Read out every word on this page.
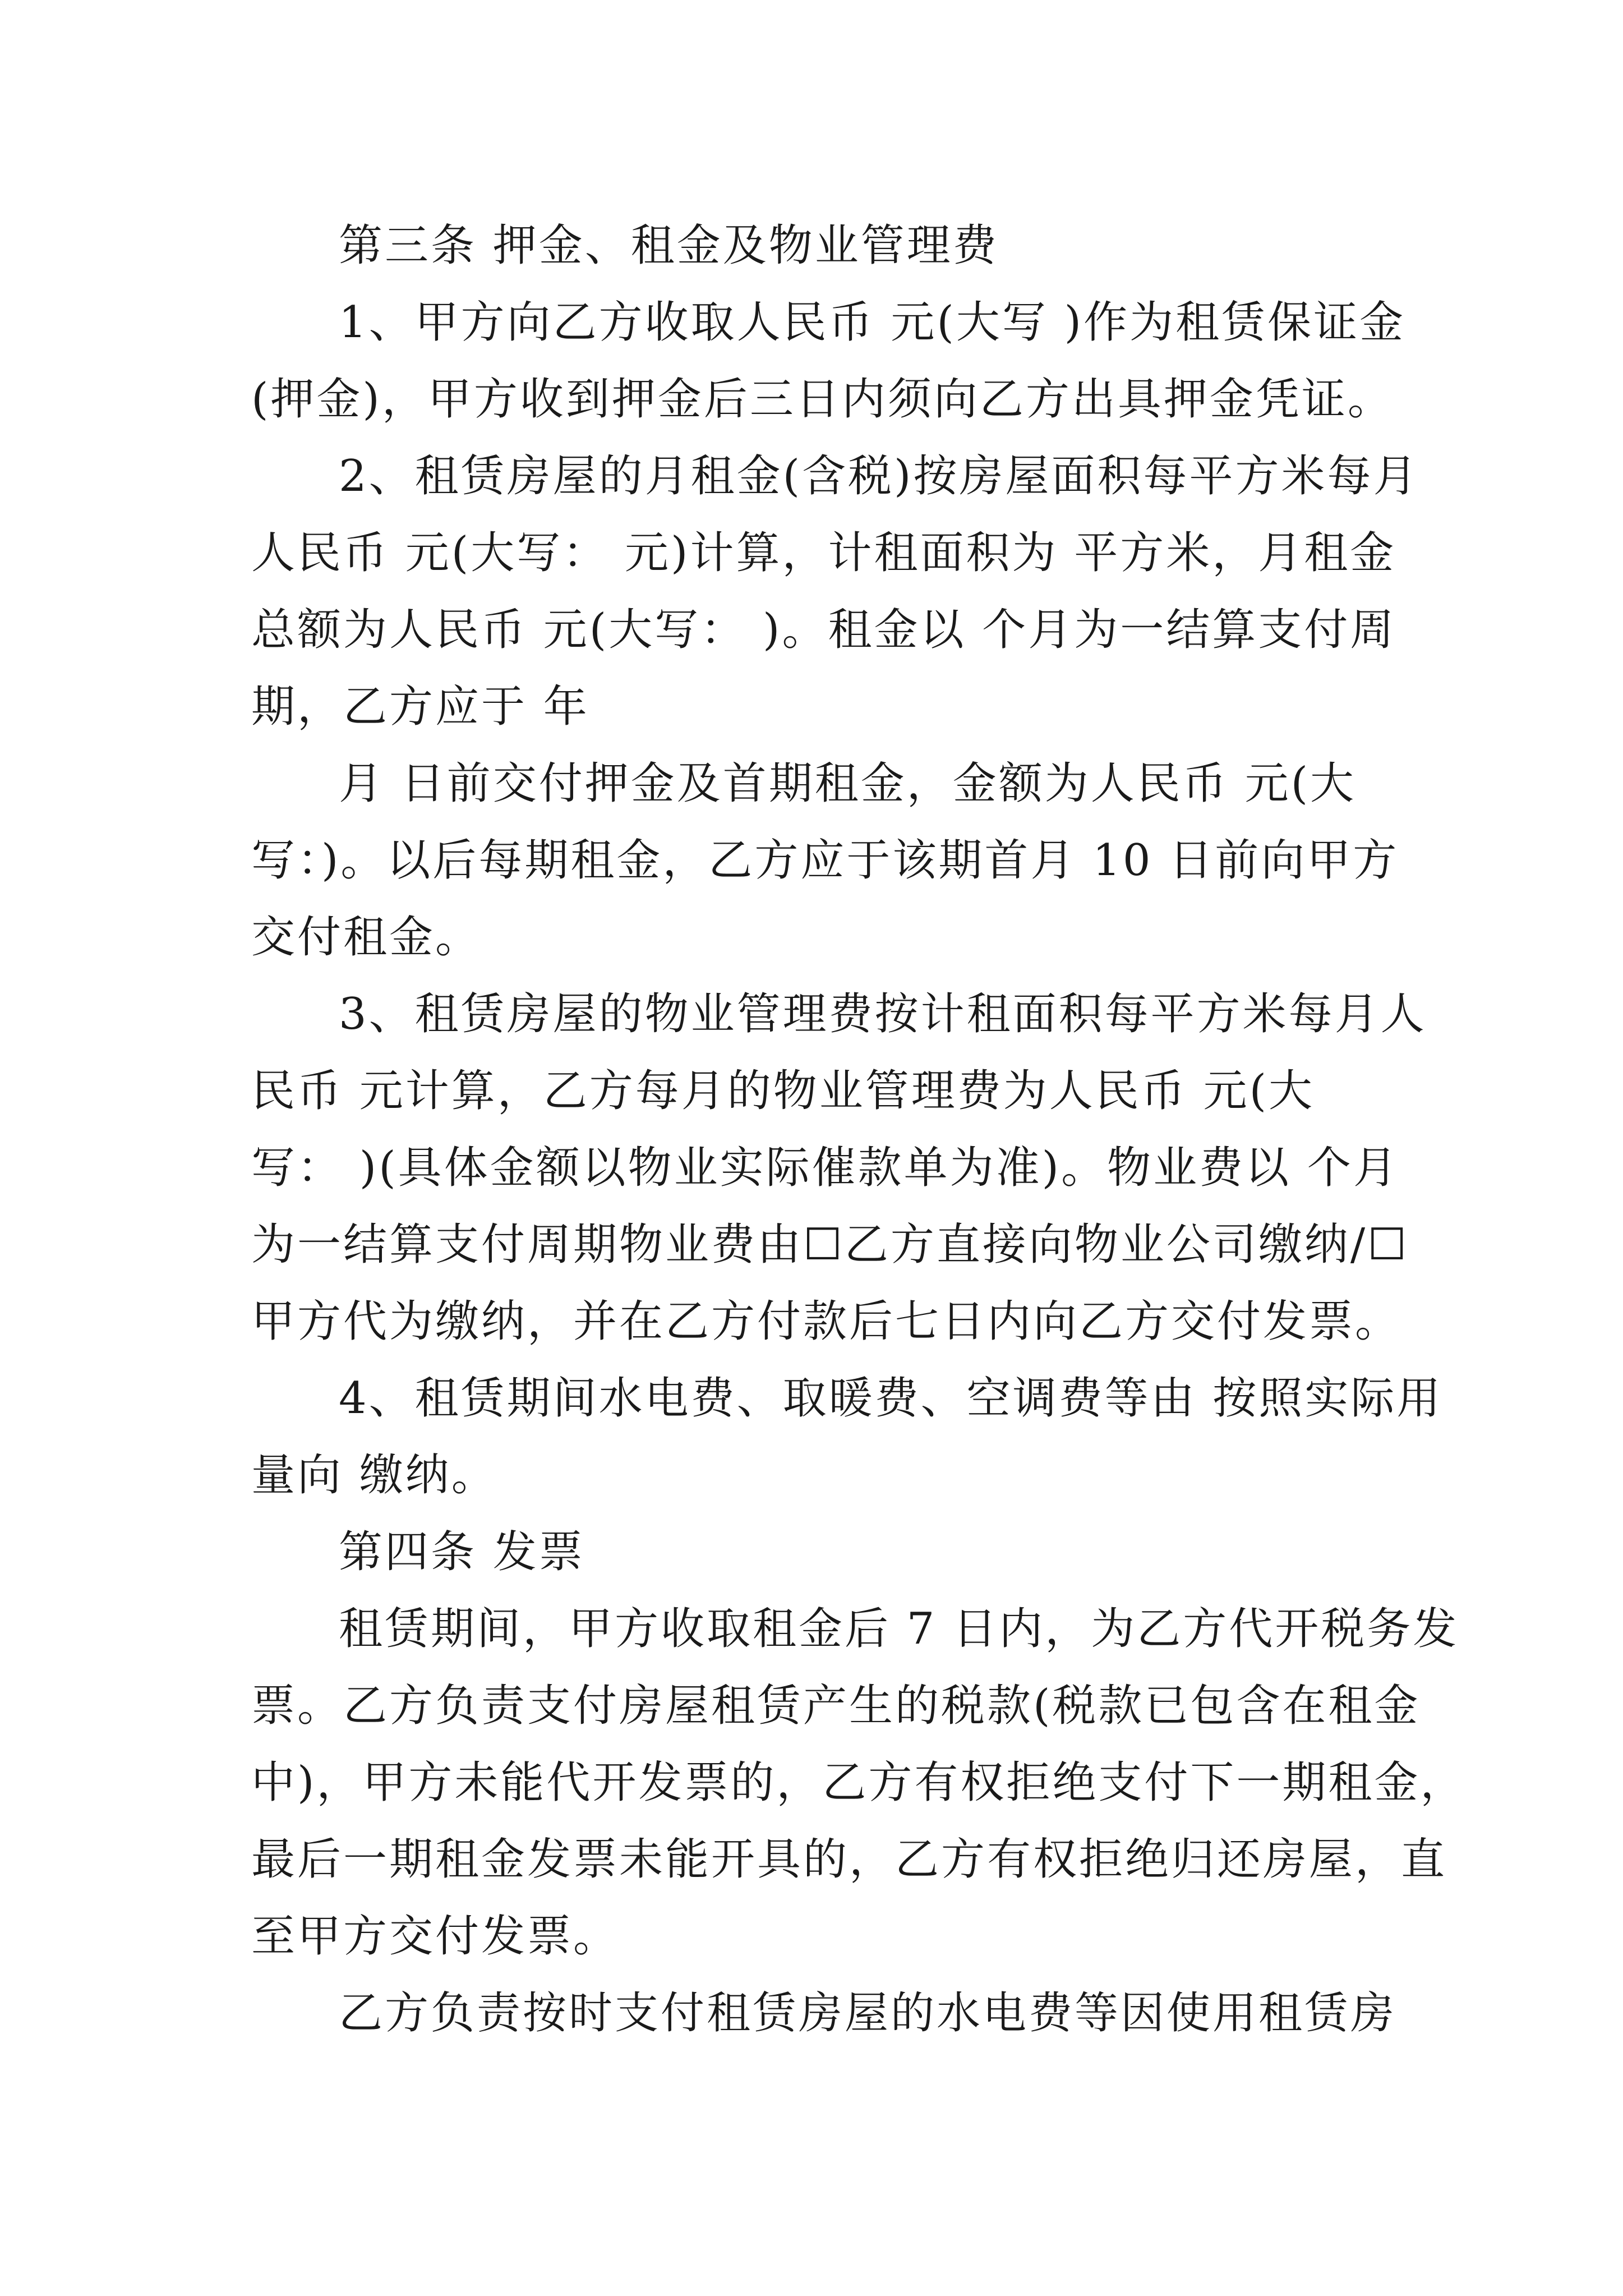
第三条 押金、租金及物业管理费
1、甲方向乙方收取人民币 元(大写 )作为租赁保证金
(押金)，甲方收到押金后三日内须向乙方出具押金凭证。
2、租赁房屋的月租金(含税)按房屋面积每平方米每月
人民币 元(大写： 元)计算，计租面积为 平方米，月租金
总额为人民币 元(大写： )。租金以 个月为一结算支付周
期，乙方应于 年
月 日前交付押金及首期租金，金额为人民币 元(大
写：)。以后每期租金，乙方应于该期首月 10 日前向甲方
交付租金。
3、租赁房屋的物业管理费按计租面积每平方米每月人
民币 元计算，乙方每月的物业管理费为人民币 元(大
写： )(具体金额以物业实际催款单为准)。物业费以 个月
为一结算支付周期物业费由☐乙方直接向物业公司缴纳/☐
甲方代为缴纳，并在乙方付款后七日内向乙方交付发票。
4、租赁期间水电费、取暖费、空调费等由 按照实际用
量向 缴纳。
第四条 发票
租赁期间，甲方收取租金后 7 日内，为乙方代开税务发
票。乙方负责支付房屋租赁产生的税款(税款已包含在租金
中)，甲方未能代开发票的，乙方有权拒绝支付下一期租金，
最后一期租金发票未能开具的，乙方有权拒绝归还房屋，直
至甲方交付发票。
乙方负责按时支付租赁房屋的水电费等因使用租赁房
